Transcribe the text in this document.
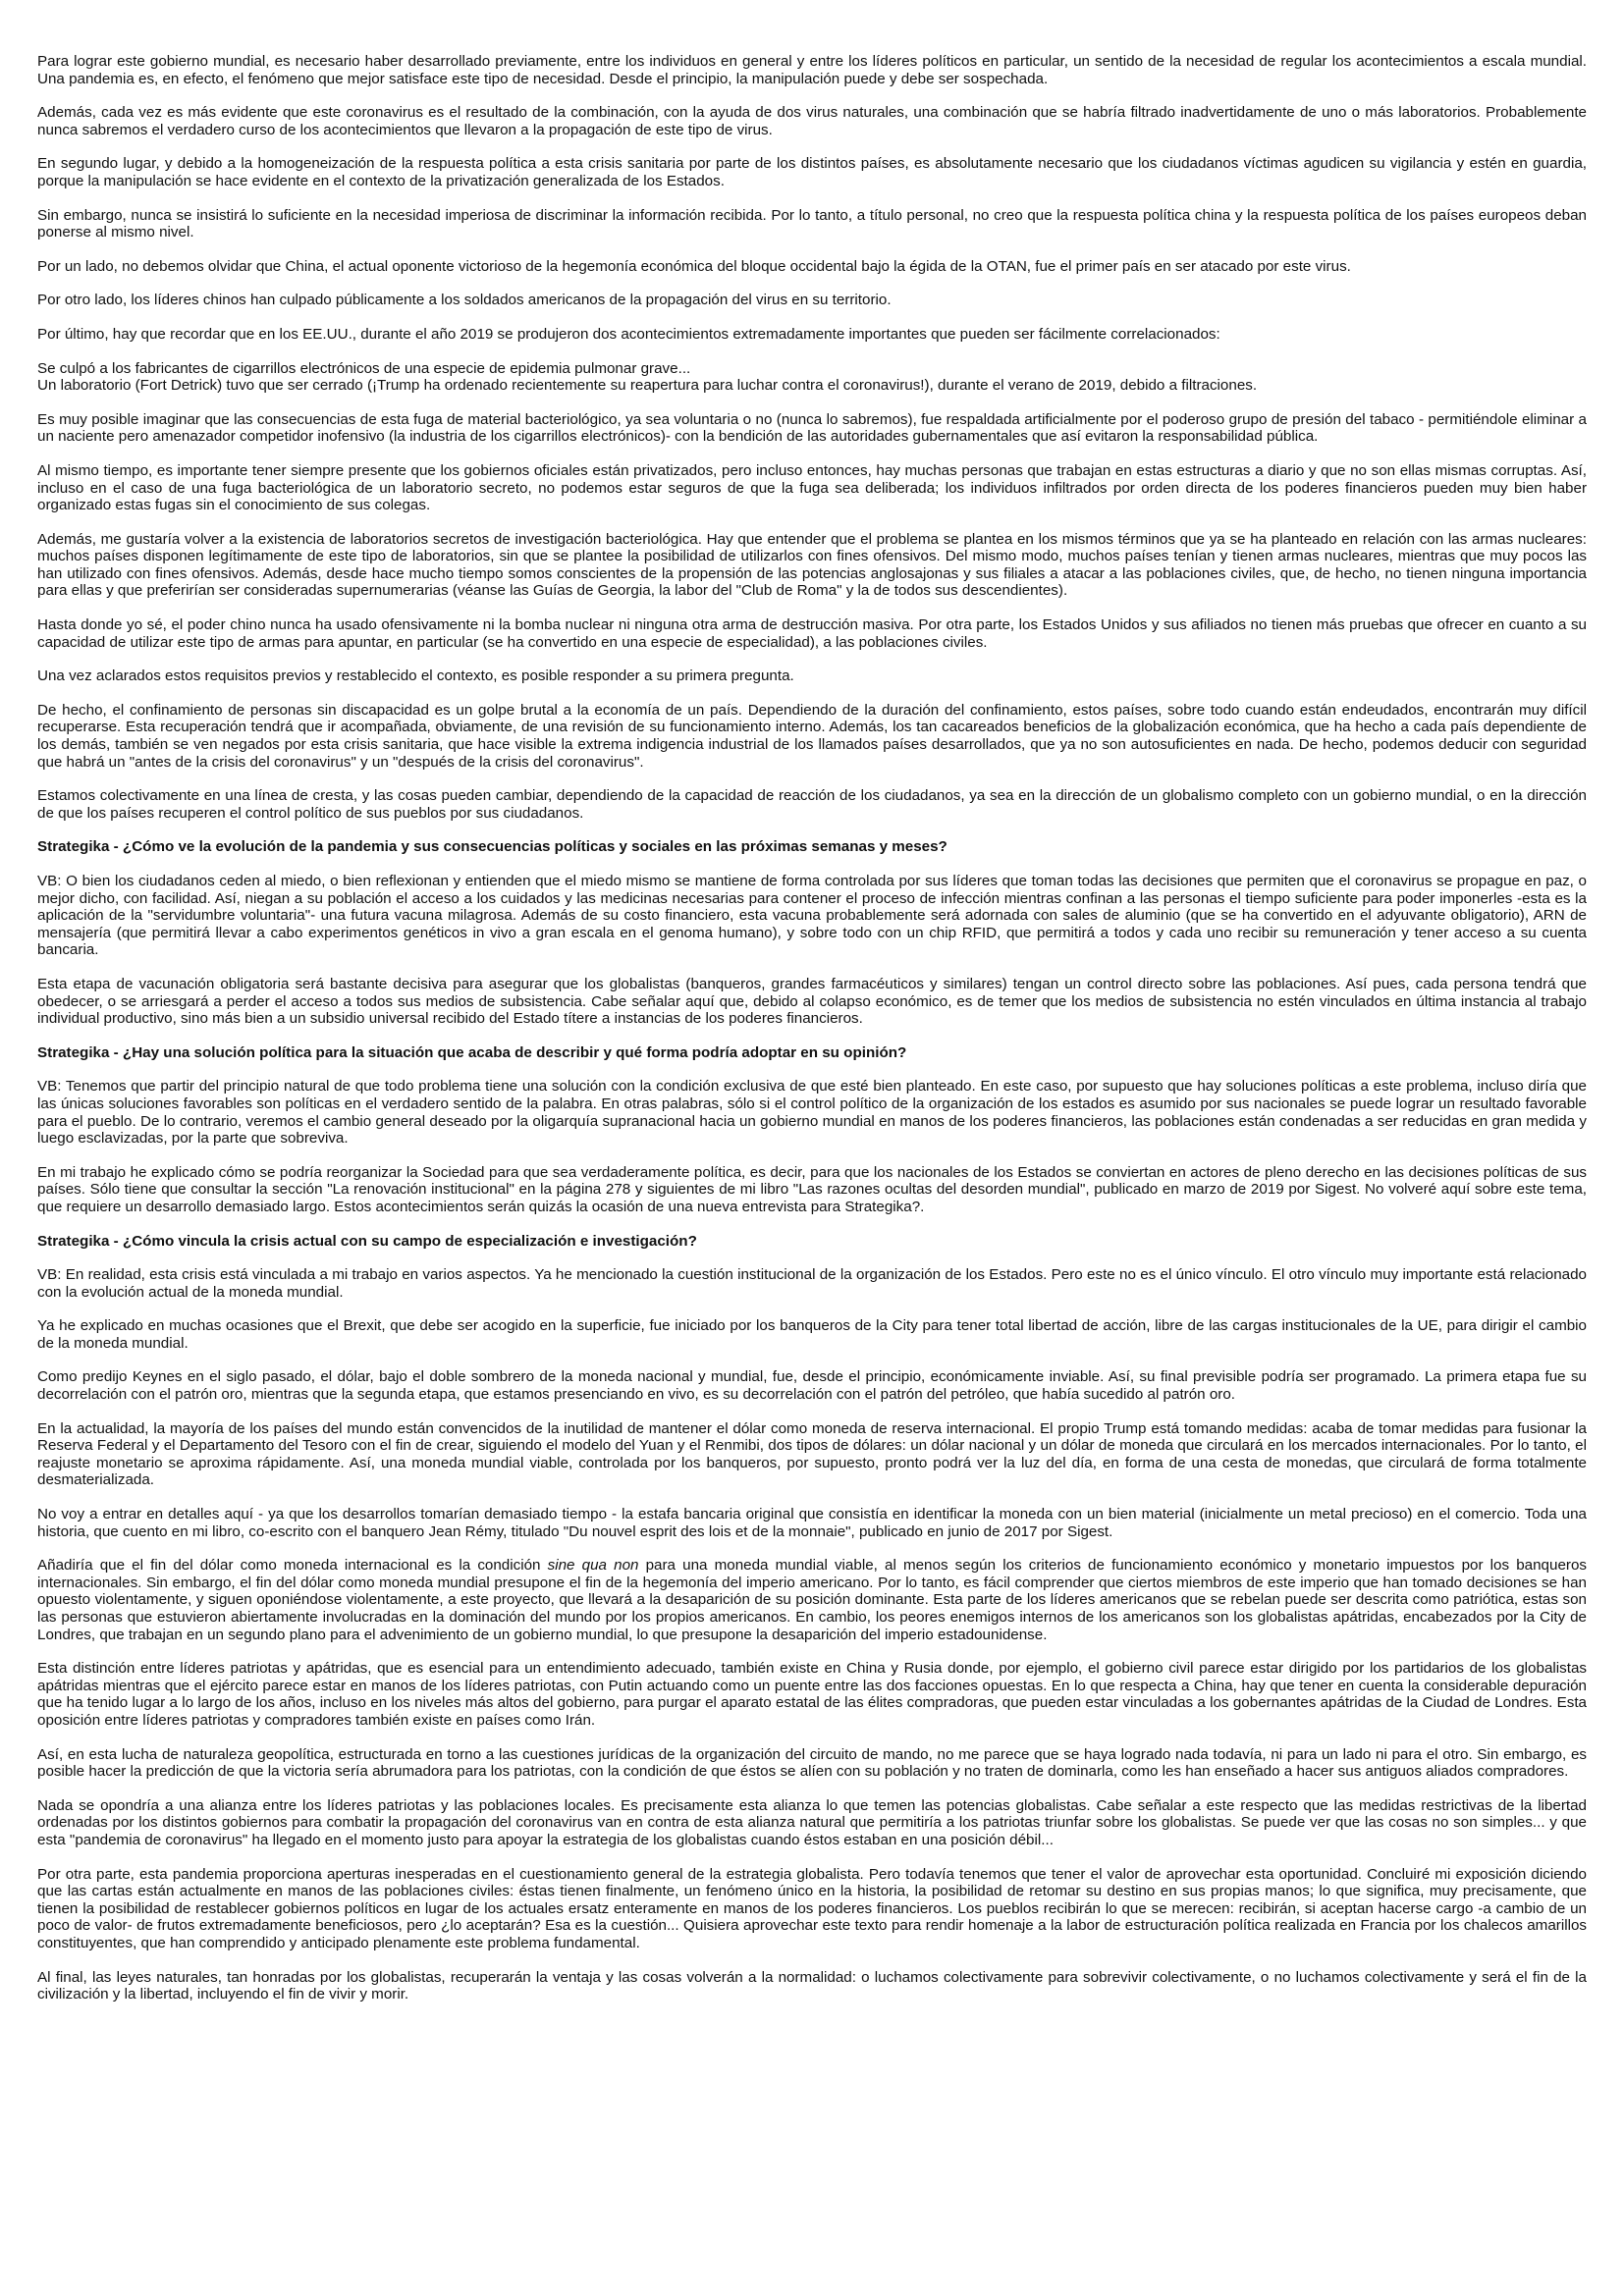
Para lograr este gobierno mundial, es necesario haber desarrollado previamente, entre los individuos en general y entre los líderes políticos en particular, un sentido de la necesidad de regular los acontecimientos a escala mundial. Una pandemia es, en efecto, el fenómeno que mejor satisface este tipo de necesidad. Desde el principio, la manipulación puede y debe ser sospechada.

Además, cada vez es más evidente que este coronavirus es el resultado de la combinación, con la ayuda de dos virus naturales, una combinación que se habría filtrado inadvertidamente de uno o más laboratorios. Probablemente nunca sabremos el verdadero curso de los acontecimientos que llevaron a la propagación de este tipo de virus.

En segundo lugar, y debido a la homogeneización de la respuesta política a esta crisis sanitaria por parte de los distintos países, es absolutamente necesario que los ciudadanos víctimas agudicen su vigilancia y estén en guardia, porque la manipulación se hace evidente en el contexto de la privatización generalizada de los Estados.

Sin embargo, nunca se insistirá lo suficiente en la necesidad imperiosa de discriminar la información recibida. Por lo tanto, a título personal, no creo que la respuesta política china y la respuesta política de los países europeos deban ponerse al mismo nivel.

Por un lado, no debemos olvidar que China, el actual oponente victorioso de la hegemonía económica del bloque occidental bajo la égida de la OTAN, fue el primer país en ser atacado por este virus.

Por otro lado, los líderes chinos han culpado públicamente a los soldados americanos de la propagación del virus en su territorio.

Por último, hay que recordar que en los EE.UU., durante el año 2019 se produjeron dos acontecimientos extremadamente importantes que pueden ser fácilmente correlacionados:

Se culpó a los fabricantes de cigarrillos electrónicos de una especie de epidemia pulmonar grave...

Un laboratorio (Fort Detrick) tuvo que ser cerrado (¡Trump ha ordenado recientemente su reapertura para luchar contra el coronavirus!), durante el verano de 2019, debido a filtraciones.

Es muy posible imaginar que las consecuencias de esta fuga de material bacteriológico, ya sea voluntaria o no (nunca lo sabremos), fue respaldada artificialmente por el poderoso grupo de presión del tabaco - permitiéndole eliminar a un naciente pero amenazador competidor inofensivo (la industria de los cigarrillos electrónicos)- con la bendición de las autoridades gubernamentales que así evitaron la responsabilidad pública.

Al mismo tiempo, es importante tener siempre presente que los gobiernos oficiales están privatizados, pero incluso entonces, hay muchas personas que trabajan en estas estructuras a diario y que no son ellas mismas corruptas. Así, incluso en el caso de una fuga bacteriológica de un laboratorio secreto, no podemos estar seguros de que la fuga sea deliberada; los individuos infiltrados por orden directa de los poderes financieros pueden muy bien haber organizado estas fugas sin el conocimiento de sus colegas.

Además, me gustaría volver a la existencia de laboratorios secretos de investigación bacteriológica. Hay que entender que el problema se plantea en los mismos términos que ya se ha planteado en relación con las armas nucleares: muchos países disponen legítimamente de este tipo de laboratorios, sin que se plantee la posibilidad de utilizarlos con fines ofensivos. Del mismo modo, muchos países tenían y tienen armas nucleares, mientras que muy pocos las han utilizado con fines ofensivos. Además, desde hace mucho tiempo somos conscientes de la propensión de las potencias anglosajonas y sus filiales a atacar a las poblaciones civiles, que, de hecho, no tienen ninguna importancia para ellas y que preferirían ser consideradas supernumerarias (véanse las Guías de Georgia, la labor del "Club de Roma" y la de todos sus descendientes).

Hasta donde yo sé, el poder chino nunca ha usado ofensivamente ni la bomba nuclear ni ninguna otra arma de destrucción masiva. Por otra parte, los Estados Unidos y sus afiliados no tienen más pruebas que ofrecer en cuanto a su capacidad de utilizar este tipo de armas para apuntar, en particular (se ha convertido en una especie de especialidad), a las poblaciones civiles.

Una vez aclarados estos requisitos previos y restablecido el contexto, es posible responder a su primera pregunta.

De hecho, el confinamiento de personas sin discapacidad es un golpe brutal a la economía de un país. Dependiendo de la duración del confinamiento, estos países, sobre todo cuando están endeudados, encontrarán muy difícil recuperarse. Esta recuperación tendrá que ir acompañada, obviamente, de una revisión de su funcionamiento interno. Además, los tan cacareados beneficios de la globalización económica, que ha hecho a cada país dependiente de los demás, también se ven negados por esta crisis sanitaria, que hace visible la extrema indigencia industrial de los llamados países desarrollados, que ya no son autosuficientes en nada. De hecho, podemos deducir con seguridad que habrá un "antes de la crisis del coronavirus" y un "después de la crisis del coronavirus".

Estamos colectivamente en una línea de cresta, y las cosas pueden cambiar, dependiendo de la capacidad de reacción de los ciudadanos, ya sea en la dirección de un globalismo completo con un gobierno mundial, o en la dirección de que los países recuperen el control político de sus pueblos por sus ciudadanos.

Strategika - ¿Cómo ve la evolución de la pandemia y sus consecuencias políticas y sociales en las próximas semanas y meses?

VB: O bien los ciudadanos ceden al miedo, o bien reflexionan y entienden que el miedo mismo se mantiene de forma controlada por sus líderes que toman todas las decisiones que permiten que el coronavirus se propague en paz, o mejor dicho, con facilidad. Así, niegan a su población el acceso a los cuidados y las medicinas necesarias para contener el proceso de infección mientras confinan a las personas el tiempo suficiente para poder imponerles -esta es la aplicación de la "servidumbre voluntaria"- una futura vacuna milagrosa. Además de su costo financiero, esta vacuna probablemente será adornada con sales de aluminio (que se ha convertido en el adyuvante obligatorio), ARN de mensajería (que permitirá llevar a cabo experimentos genéticos in vivo a gran escala en el genoma humano), y sobre todo con un chip RFID, que permitirá a todos y cada uno recibir su remuneración y tener acceso a su cuenta bancaria.

Esta etapa de vacunación obligatoria será bastante decisiva para asegurar que los globalistas (banqueros, grandes farmacéuticos y similares) tengan un control directo sobre las poblaciones. Así pues, cada persona tendrá que obedecer, o se arriesgará a perder el acceso a todos sus medios de subsistencia. Cabe señalar aquí que, debido al colapso económico, es de temer que los medios de subsistencia no estén vinculados en última instancia al trabajo individual productivo, sino más bien a un subsidio universal recibido del Estado títere a instancias de los poderes financieros.

Strategika - ¿Hay una solución política para la situación que acaba de describir y qué forma podría adoptar en su opinión?

VB: Tenemos que partir del principio natural de que todo problema tiene una solución con la condición exclusiva de que esté bien planteado. En este caso, por supuesto que hay soluciones políticas a este problema, incluso diría que las únicas soluciones favorables son políticas en el verdadero sentido de la palabra. En otras palabras, sólo si el control político de la organización de los estados es asumido por sus nacionales se puede lograr un resultado favorable para el pueblo. De lo contrario, veremos el cambio general deseado por la oligarquía supranacional hacia un gobierno mundial en manos de los poderes financieros, las poblaciones están condenadas a ser reducidas en gran medida y luego esclavizadas, por la parte que sobreviva.

En mi trabajo he explicado cómo se podría reorganizar la Sociedad para que sea verdaderamente política, es decir, para que los nacionales de los Estados se conviertan en actores de pleno derecho en las decisiones políticas de sus países. Sólo tiene que consultar la sección "La renovación institucional" en la página 278 y siguientes de mi libro "Las razones ocultas del desorden mundial", publicado en marzo de 2019 por Sigest. No volveré aquí sobre este tema, que requiere un desarrollo demasiado largo. Estos acontecimientos serán quizás la ocasión de una nueva entrevista para Strategika?.

Strategika - ¿Cómo vincula la crisis actual con su campo de especialización e investigación?

VB: En realidad, esta crisis está vinculada a mi trabajo en varios aspectos. Ya he mencionado la cuestión institucional de la organización de los Estados. Pero este no es el único vínculo. El otro vínculo muy importante está relacionado con la evolución actual de la moneda mundial.

Ya he explicado en muchas ocasiones que el Brexit, que debe ser acogido en la superficie, fue iniciado por los banqueros de la City para tener total libertad de acción, libre de las cargas institucionales de la UE, para dirigir el cambio de la moneda mundial.

Como predijo Keynes en el siglo pasado, el dólar, bajo el doble sombrero de la moneda nacional y mundial, fue, desde el principio, económicamente inviable. Así, su final previsible podría ser programado. La primera etapa fue su decorrelación con el patrón oro, mientras que la segunda etapa, que estamos presenciando en vivo, es su decorrelación con el patrón del petróleo, que había sucedido al patrón oro.

En la actualidad, la mayoría de los países del mundo están convencidos de la inutilidad de mantener el dólar como moneda de reserva internacional. El propio Trump está tomando medidas: acaba de tomar medidas para fusionar la Reserva Federal y el Departamento del Tesoro con el fin de crear, siguiendo el modelo del Yuan y el Renmibi, dos tipos de dólares: un dólar nacional y un dólar de moneda que circulará en los mercados internacionales. Por lo tanto, el reajuste monetario se aproxima rápidamente. Así, una moneda mundial viable, controlada por los banqueros, por supuesto, pronto podrá ver la luz del día, en forma de una cesta de monedas, que circulará de forma totalmente desmaterializada.

No voy a entrar en detalles aquí - ya que los desarrollos tomarían demasiado tiempo - la estafa bancaria original que consistía en identificar la moneda con un bien material (inicialmente un metal precioso) en el comercio. Toda una historia, que cuento en mi libro, co-escrito con el banquero Jean Rémy, titulado "Du nouvel esprit des lois et de la monnaie", publicado en junio de 2017 por Sigest.

Añadiría que el fin del dólar como moneda internacional es la condición sine qua non para una moneda mundial viable, al menos según los criterios de funcionamiento económico y monetario impuestos por los banqueros internacionales. Sin embargo, el fin del dólar como moneda mundial presupone el fin de la hegemonía del imperio americano. Por lo tanto, es fácil comprender que ciertos miembros de este imperio que han tomado decisiones se han opuesto violentamente, y siguen oponiéndose violentamente, a este proyecto, que llevará a la desaparición de su posición dominante. Esta parte de los líderes americanos que se rebelan puede ser descrita como patriótica, estas son las personas que estuvieron abiertamente involucradas en la dominación del mundo por los propios americanos. En cambio, los peores enemigos internos de los americanos son los globalistas apátridas, encabezados por la City de Londres, que trabajan en un segundo plano para el advenimiento de un gobierno mundial, lo que presupone la desaparición del imperio estadounidense.

Esta distinción entre líderes patriotas y apátridas, que es esencial para un entendimiento adecuado, también existe en China y Rusia donde, por ejemplo, el gobierno civil parece estar dirigido por los partidarios de los globalistas apátridas mientras que el ejército parece estar en manos de los líderes patriotas, con Putin actuando como un puente entre las dos facciones opuestas. En lo que respecta a China, hay que tener en cuenta la considerable depuración que ha tenido lugar a lo largo de los años, incluso en los niveles más altos del gobierno, para purgar el aparato estatal de las élites compradoras, que pueden estar vinculadas a los gobernantes apátridas de la Ciudad de Londres. Esta oposición entre líderes patriotas y compradores también existe en países como Irán.

Así, en esta lucha de naturaleza geopolítica, estructurada en torno a las cuestiones jurídicas de la organización del circuito de mando, no me parece que se haya logrado nada todavía, ni para un lado ni para el otro. Sin embargo, es posible hacer la predicción de que la victoria sería abrumadora para los patriotas, con la condición de que éstos se alíen con su población y no traten de dominarla, como les han enseñado a hacer sus antiguos aliados compradores.

Nada se opondría a una alianza entre los líderes patriotas y las poblaciones locales. Es precisamente esta alianza lo que temen las potencias globalistas. Cabe señalar a este respecto que las medidas restrictivas de la libertad ordenadas por los distintos gobiernos para combatir la propagación del coronavirus van en contra de esta alianza natural que permitiría a los patriotas triunfar sobre los globalistas. Se puede ver que las cosas no son simples... y que esta "pandemia de coronavirus" ha llegado en el momento justo para apoyar la estrategia de los globalistas cuando éstos estaban en una posición débil...

Por otra parte, esta pandemia proporciona aperturas inesperadas en el cuestionamiento general de la estrategia globalista. Pero todavía tenemos que tener el valor de aprovechar esta oportunidad. Concluiré mi exposición diciendo que las cartas están actualmente en manos de las poblaciones civiles: éstas tienen finalmente, un fenómeno único en la historia, la posibilidad de retomar su destino en sus propias manos; lo que significa, muy precisamente, que tienen la posibilidad de restablecer gobiernos políticos en lugar de los actuales ersatz enteramente en manos de los poderes financieros. Los pueblos recibirán lo que se merecen: recibirán, si aceptan hacerse cargo -a cambio de un poco de valor- de frutos extremadamente beneficiosos, pero ¿lo aceptarán? Esa es la cuestión... Quisiera aprovechar este texto para rendir homenaje a la labor de estructuración política realizada en Francia por los chalecos amarillos constituyentes, que han comprendido y anticipado plenamente este problema fundamental.

Al final, las leyes naturales, tan honradas por los globalistas, recuperarán la ventaja y las cosas volverán a la normalidad: o luchamos colectivamente para sobrevivir colectivamente, o no luchamos colectivamente y será el fin de la civilización y la libertad, incluyendo el fin de vivir y morir.
